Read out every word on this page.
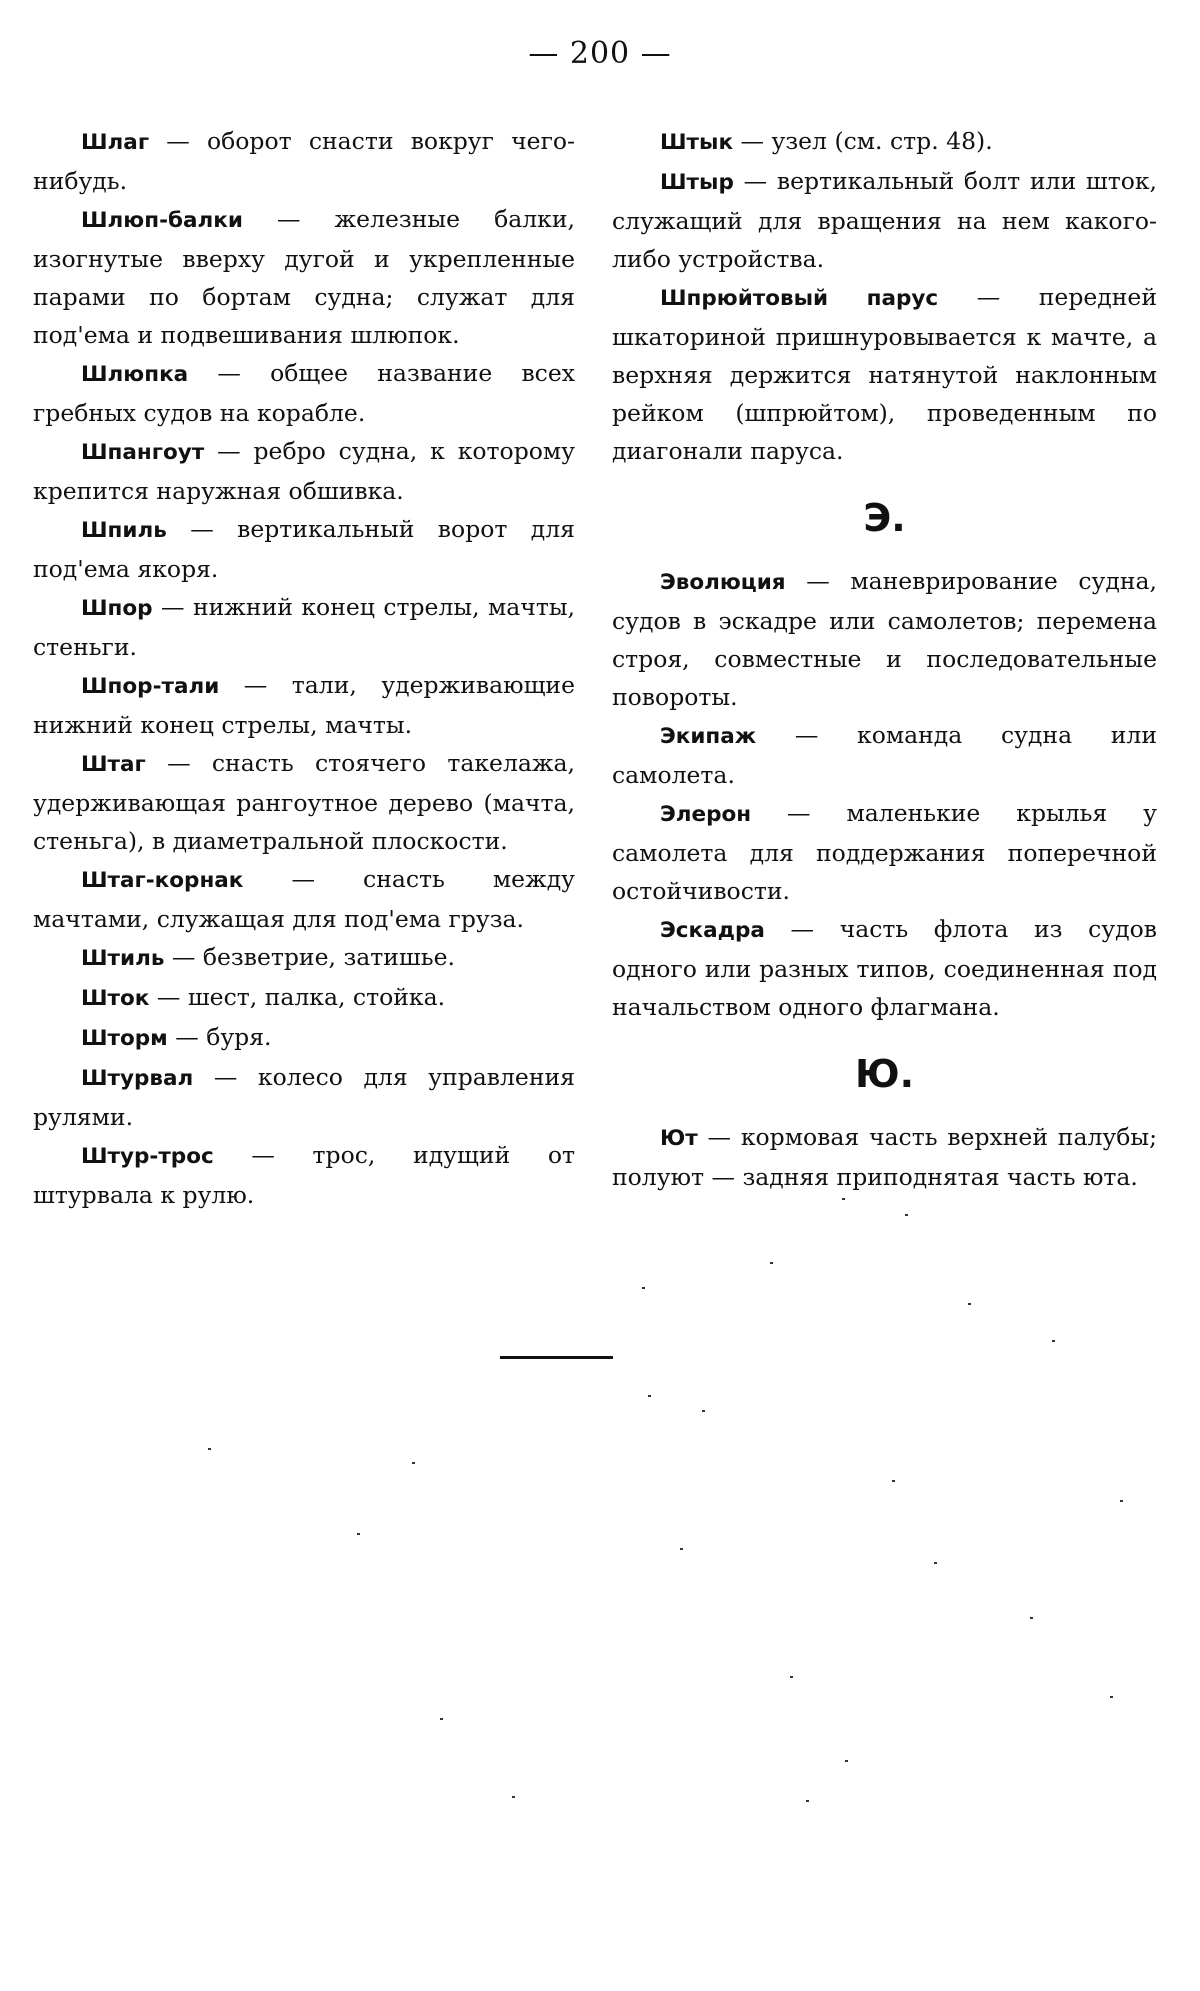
— 200 —

Шлаг — оборот снасти вокруг чего-нибудь.

Шлюп-балки — железные балки, изогнутые вверху дугой и укрепленные парами по бортам судна; служат для под'ема и подвешивания шлюпок.

Шлюпка — общее название всех гребных судов на корабле.

Шпангоут — ребро судна, к которому крепится наружная обшивка.

Шпиль — вертикальный ворот для под'ема якоря.

Шпор — нижний конец стрелы, мачты, стеньги.

Шпор-тали — тали, удерживающие нижний конец стрелы, мачты.

Штаг — снасть стоячего такелажа, удерживающая рангоутное дерево (мачта, стеньга), в диаметральной плоскости.

Штаг-корнак — снасть между мачтами, служащая для под'ема груза.

Штиль — безветрие, затишье.

Шток — шест, палка, стойка.

Шторм — буря.

Штурвал — колесо для управления рулями.

Штур-трос — трос, идущий от штурвала к рулю.

Штык — узел (см. стр. 48).

Штыр — вертикальный болт или шток, служащий для вращения на нем какого-либо устройства.

Шпрюйтовый парус — передней шкаториной пришнуровывается к мачте, а верхняя держится натянутой наклонным рейком (шпрюйтом), проведенным по диагонали паруса.

Э.

Эволюция — маневрирование судна, судов в эскадре или самолетов; перемена строя, совместные и последовательные повороты.

Экипаж — команда судна или самолета.

Элерон — маленькие крылья у самолета для поддержания поперечной остойчивости.

Эскадра — часть флота из судов одного или разных типов, соединенная под начальством одного флагмана.

Ю.

Ют — кормовая часть верхней палубы; полуют — задняя приподнятая часть юта.
